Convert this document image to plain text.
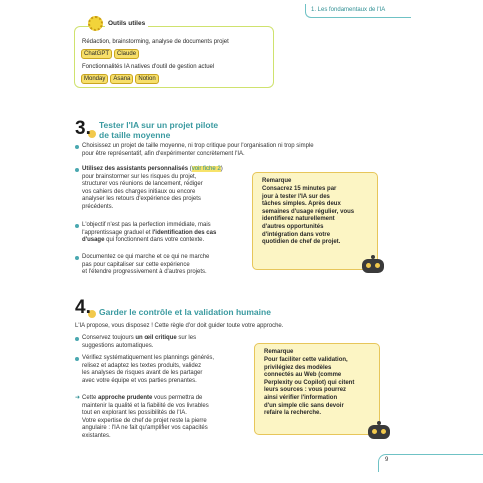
1. Les fondamentaux de l'IA
Outils utiles
Rédaction, brainstorming, analyse de documents projet
ChatGPT	Claude
Fonctionnalités IA natives d'outil de gestion actuel
Monday	Asana	Notion
3. Tester l'IA sur un projet pilote
de taille moyenne
Choisissez un projet de taille moyenne, ni trop critique pour l'organisation ni trop simple
pour être représentatif, afin d'expérimenter concrètement l'IA.
Utilisez des assistants personnalisés (voir fiche 2)
pour brainstormer sur les risques du projet,
structurer vos réunions de lancement, rédiger
vos cahiers des charges initiaux ou encore
analyser les retours d'expérience des projets
précédents.
L'objectif n'est pas la perfection immédiate, mais
l'apprentissage graduel et l'identification des cas
d'usage qui fonctionnent dans votre contexte.
Documentez ce qui marche et ce qui ne marche
pas pour capitaliser sur cette expérience
et l'étendre progressivement à d'autres projets.
Remarque
Consacrez 15 minutes par
jour à tester l'IA sur des
tâches simples. Après deux
semaines d'usage régulier, vous
identifierez naturellement
d'autres opportunités
d'intégration dans votre
quotidien de chef de projet.
4. Garder le contrôle et la validation humaine
L'IA propose, vous disposez ! Cette règle d'or doit guider toute votre approche.
Conservez toujours un œil critique sur les
suggestions automatiques.
Vérifiez systématiquement les plannings générés,
relisez et adaptez les textes produits, validez
les analyses de risques avant de les partager
avec votre équipe et vos parties prenantes.
➜ Cette approche prudente vous permettra de
maintenir la qualité et la fiabilité de vos livrables
tout en explorant les possibilités de l'IA.
Votre expertise de chef de projet reste la pierre
angulaire : l'IA ne fait qu'amplifier vos capacités
existantes.
Remarque
Pour faciliter cette validation,
privilégiez des modèles
connectés au Web (comme
Perplexity ou Copilot) qui citent
leurs sources : vous pourrez
ainsi vérifier l'information
d'un simple clic sans devoir
refaire la recherche.
9
